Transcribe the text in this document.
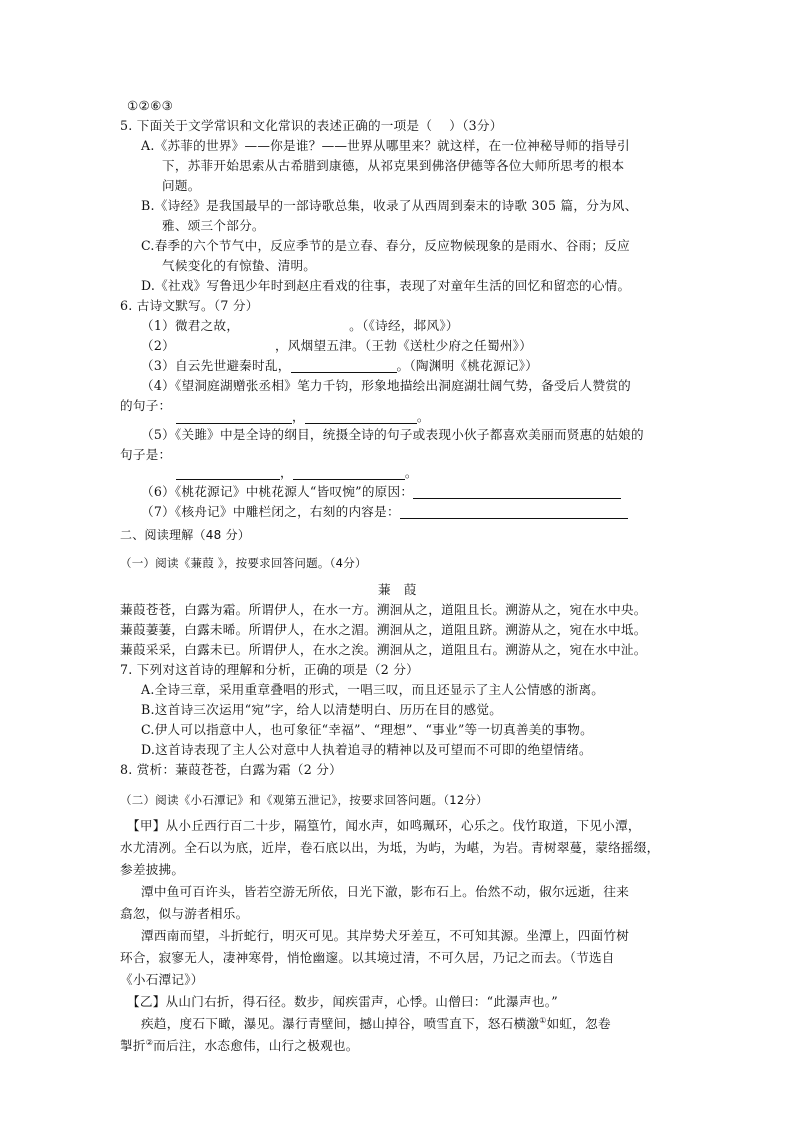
①②⑥③
5. 下面关于文学常识和文化常识的表述正确的一项是（　 ）（3分）
A.《苏菲的世界》——你是谁？——世界从哪里来？就这样，在一位神秘导师的指导引
下，苏菲开始思索从古希腊到康德，从祁克果到佛洛伊德等各位大师所思考的根本
问题。
B.《诗经》是我国最早的一部诗歌总集，收录了从西周到秦末的诗歌 305 篇，分为风、
雅、颂三个部分。
C.春季的六个节气中，反应季节的是立春、春分，反应物候现象的是雨水、谷雨；反应
气候变化的有惊蛰、清明。
D.《社戏》写鲁迅少年时到赵庄看戏的往事，表现了对童年生活的回忆和留恋的心情。
6. 古诗文默写。（7 分）
（1）微君之故，	。（《诗经，邶风》）
（2）	，风烟望五津。（王勃《送杜少府之任蜀州》）
（3）自云先世避秦时乱，	。（陶渊明《桃花源记》）
（4）《望洞庭湖赠张丞相》笔力千钧，形象地描绘出洞庭湖壮阔气势，备受后人赞赏的
的句子：
，	。
（5）《关雎》中是全诗的纲目，统摄全诗的句子或表现小伙子都喜欢美丽而贤惠的姑娘的
句子是：
，	。
（6）《桃花源记》中桃花源人“皆叹惋”的原因：
（7）《核舟记》中雕栏闭之，右刻的内容是：
二、阅读理解（48 分）
（一）阅读《蒹葭 》，按要求回答问题。（4分）
蒹　葭
蒹葭苍苍，白露为霜。所谓伊人，在水一方。溯洄从之，道阻且长。溯游从之，宛在水中央。
蒹葭萋萋，白露未晞。所谓伊人，在水之湄。溯洄从之，道阻且跻。溯游从之，宛在水中坻。
蒹葭采采，白露未已。所谓伊人，在水之涘。溯洄从之，道阻且右。溯游从之，宛在水中沚。
7. 下列对这首诗的理解和分析，正确的项是（2 分）
A.全诗三章，采用重章叠唱的形式，一唱三叹，而且还显示了主人公情感的浙离。
B.这首诗三次运用“宛”字，给人以清楚明白、历历在目的感觉。
C.伊人可以指意中人，也可象征“幸福”、“理想”、“事业”等一切真善美的事物。
D.这首诗表现了主人公对意中人执着追寻的精神以及可望而不可即的绝望情绪。
8. 赏析：蒹葭苍苍，白露为霜（2 分）
（二）阅读《小石潭记》和《观第五泄记》，按要求回答问题。（12分）
【甲】从小丘西行百二十步，隔篁竹，闻水声，如鸣珮环，心乐之。伐竹取道，下见小潭，
水尤清冽。全石以为底，近岸，卷石底以出，为坻，为屿，为嵁，为岩。青树翠蔓，蒙络摇缀，
参差披拂。
潭中鱼可百许头，皆若空游无所依，日光下澈，影布石上。佁然不动，俶尔远逝，往来
翕忽，似与游者相乐。
潭西南而望，斗折蛇行，明灭可见。其岸势犬牙差互，不可知其源。坐潭上，四面竹树
环合，寂寥无人，凄神寒骨，悄怆幽邃。以其境过清，不可久居，乃记之而去。（节选自
《小石潭记》）
【乙】从山门右折，得石径。数步，闻疾雷声，心悸。山僧曰：“此瀑声也。”
疾趋，度石下瞰，瀑见。瀑行青壁间，撼山掉谷，喷雪直下，怒石横激①如虹，忽卷
掣折②而后注，水态愈伟，山行之极观也。
